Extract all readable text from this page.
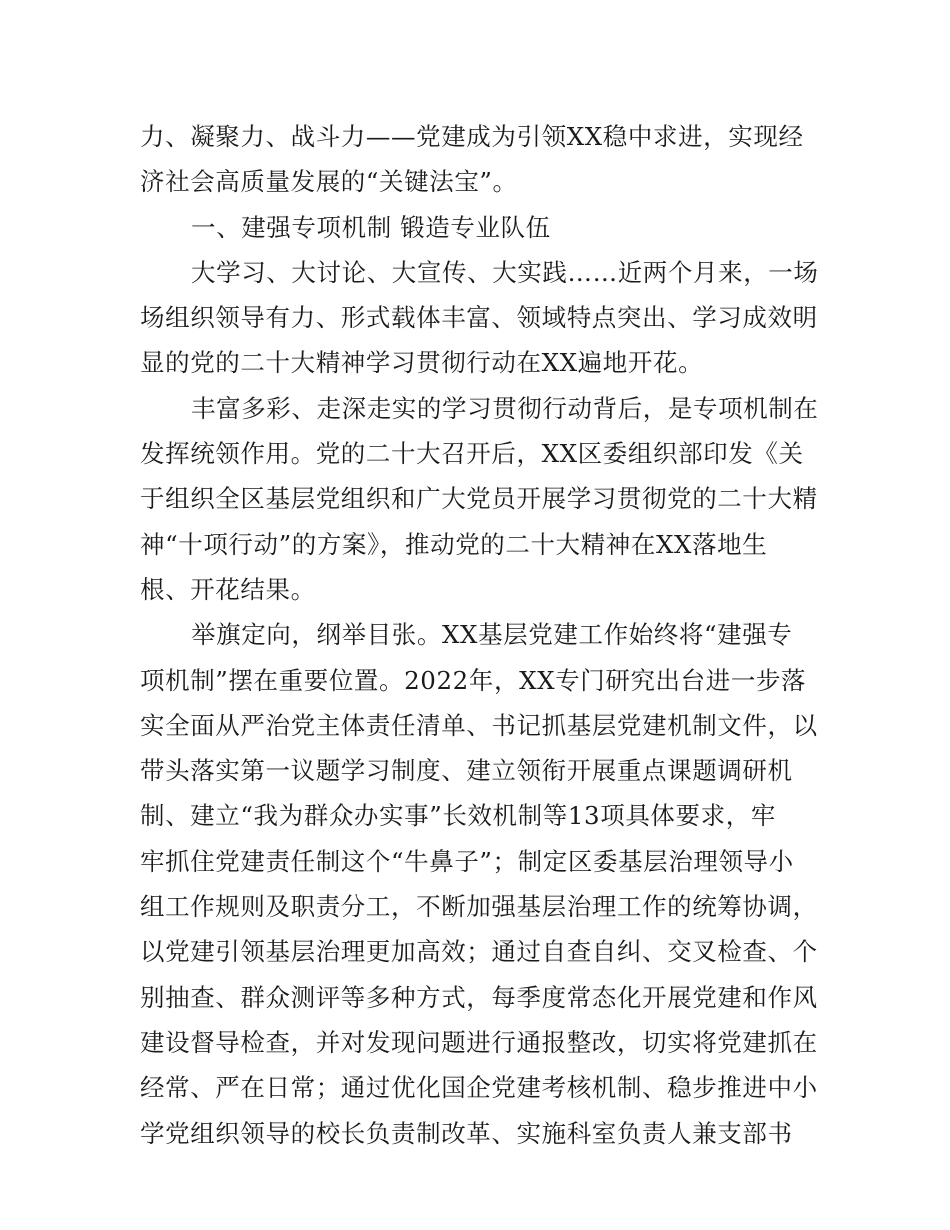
力、凝聚力、战斗力——党建成为引领XX稳中求进，实现经
济社会高质量发展的“关键法宝”。
一、建强专项机制 锻造专业队伍
大学习、大讨论、大宣传、大实践……近两个月来，一场
场组织领导有力、形式载体丰富、领域特点突出、学习成效明
显的党的二十大精神学习贯彻行动在XX遍地开花。
丰富多彩、走深走实的学习贯彻行动背后，是专项机制在
发挥统领作用。党的二十大召开后，XX区委组织部印发《关
于组织全区基层党组织和广大党员开展学习贯彻党的二十大精
神“十项行动”的方案》，推动党的二十大精神在XX落地生
根、开花结果。
举旗定向，纲举目张。XX基层党建工作始终将“建强专
项机制”摆在重要位置。2022年，XX专门研究出台进一步落
实全面从严治党主体责任清单、书记抓基层党建机制文件，以
带头落实第一议题学习制度、建立领衔开展重点课题调研机
制、建立“我为群众办实事”长效机制等13项具体要求，牢
牢抓住党建责任制这个“牛鼻子”；制定区委基层治理领导小
组工作规则及职责分工，不断加强基层治理工作的统筹协调，
以党建引领基层治理更加高效；通过自查自纠、交叉检查、个
别抽查、群众测评等多种方式，每季度常态化开展党建和作风
建设督导检查，并对发现问题进行通报整改，切实将党建抓在
经常、严在日常；通过优化国企党建考核机制、稳步推进中小
学党组织领导的校长负责制改革、实施科室负责人兼支部书
